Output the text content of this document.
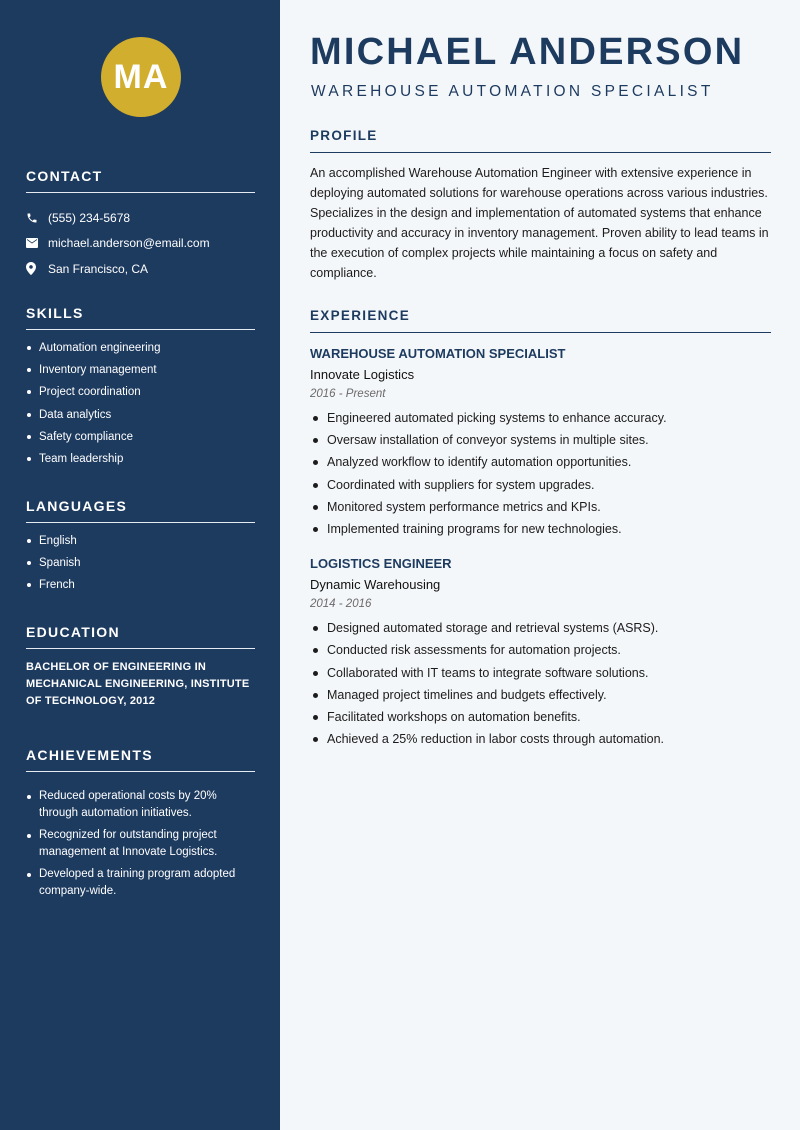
MA
CONTACT
(555) 234-5678
michael.anderson@email.com
San Francisco, CA
SKILLS
Automation engineering
Inventory management
Project coordination
Data analytics
Safety compliance
Team leadership
LANGUAGES
English
Spanish
French
EDUCATION

BACHELOR OF ENGINEERING IN MECHANICAL ENGINEERING, INSTITUTE OF TECHNOLOGY, 2012

ACHIEVEMENTS
Reduced operational costs by 20% through automation initiatives.
Recognized for outstanding project management at Innovate Logistics.
Developed a training program adopted company-wide.
MICHAEL ANDERSON
WAREHOUSE AUTOMATION SPECIALIST
PROFILE

An accomplished Warehouse Automation Engineer with extensive experience in deploying automated solutions for warehouse operations across various industries. Specializes in the design and implementation of automated systems that enhance productivity and accuracy in inventory management. Proven ability to lead teams in the execution of complex projects while maintaining a focus on safety and compliance.

EXPERIENCE
WAREHOUSE AUTOMATION SPECIALIST
Innovate Logistics
2016 - Present
Engineered automated picking systems to enhance accuracy.
Oversaw installation of conveyor systems in multiple sites.
Analyzed workflow to identify automation opportunities.
Coordinated with suppliers for system upgrades.
Monitored system performance metrics and KPIs.
Implemented training programs for new technologies.
LOGISTICS ENGINEER
Dynamic Warehousing
2014 - 2016
Designed automated storage and retrieval systems (ASRS).
Conducted risk assessments for automation projects.
Collaborated with IT teams to integrate software solutions.
Managed project timelines and budgets effectively.
Facilitated workshops on automation benefits.
Achieved a 25% reduction in labor costs through automation.
